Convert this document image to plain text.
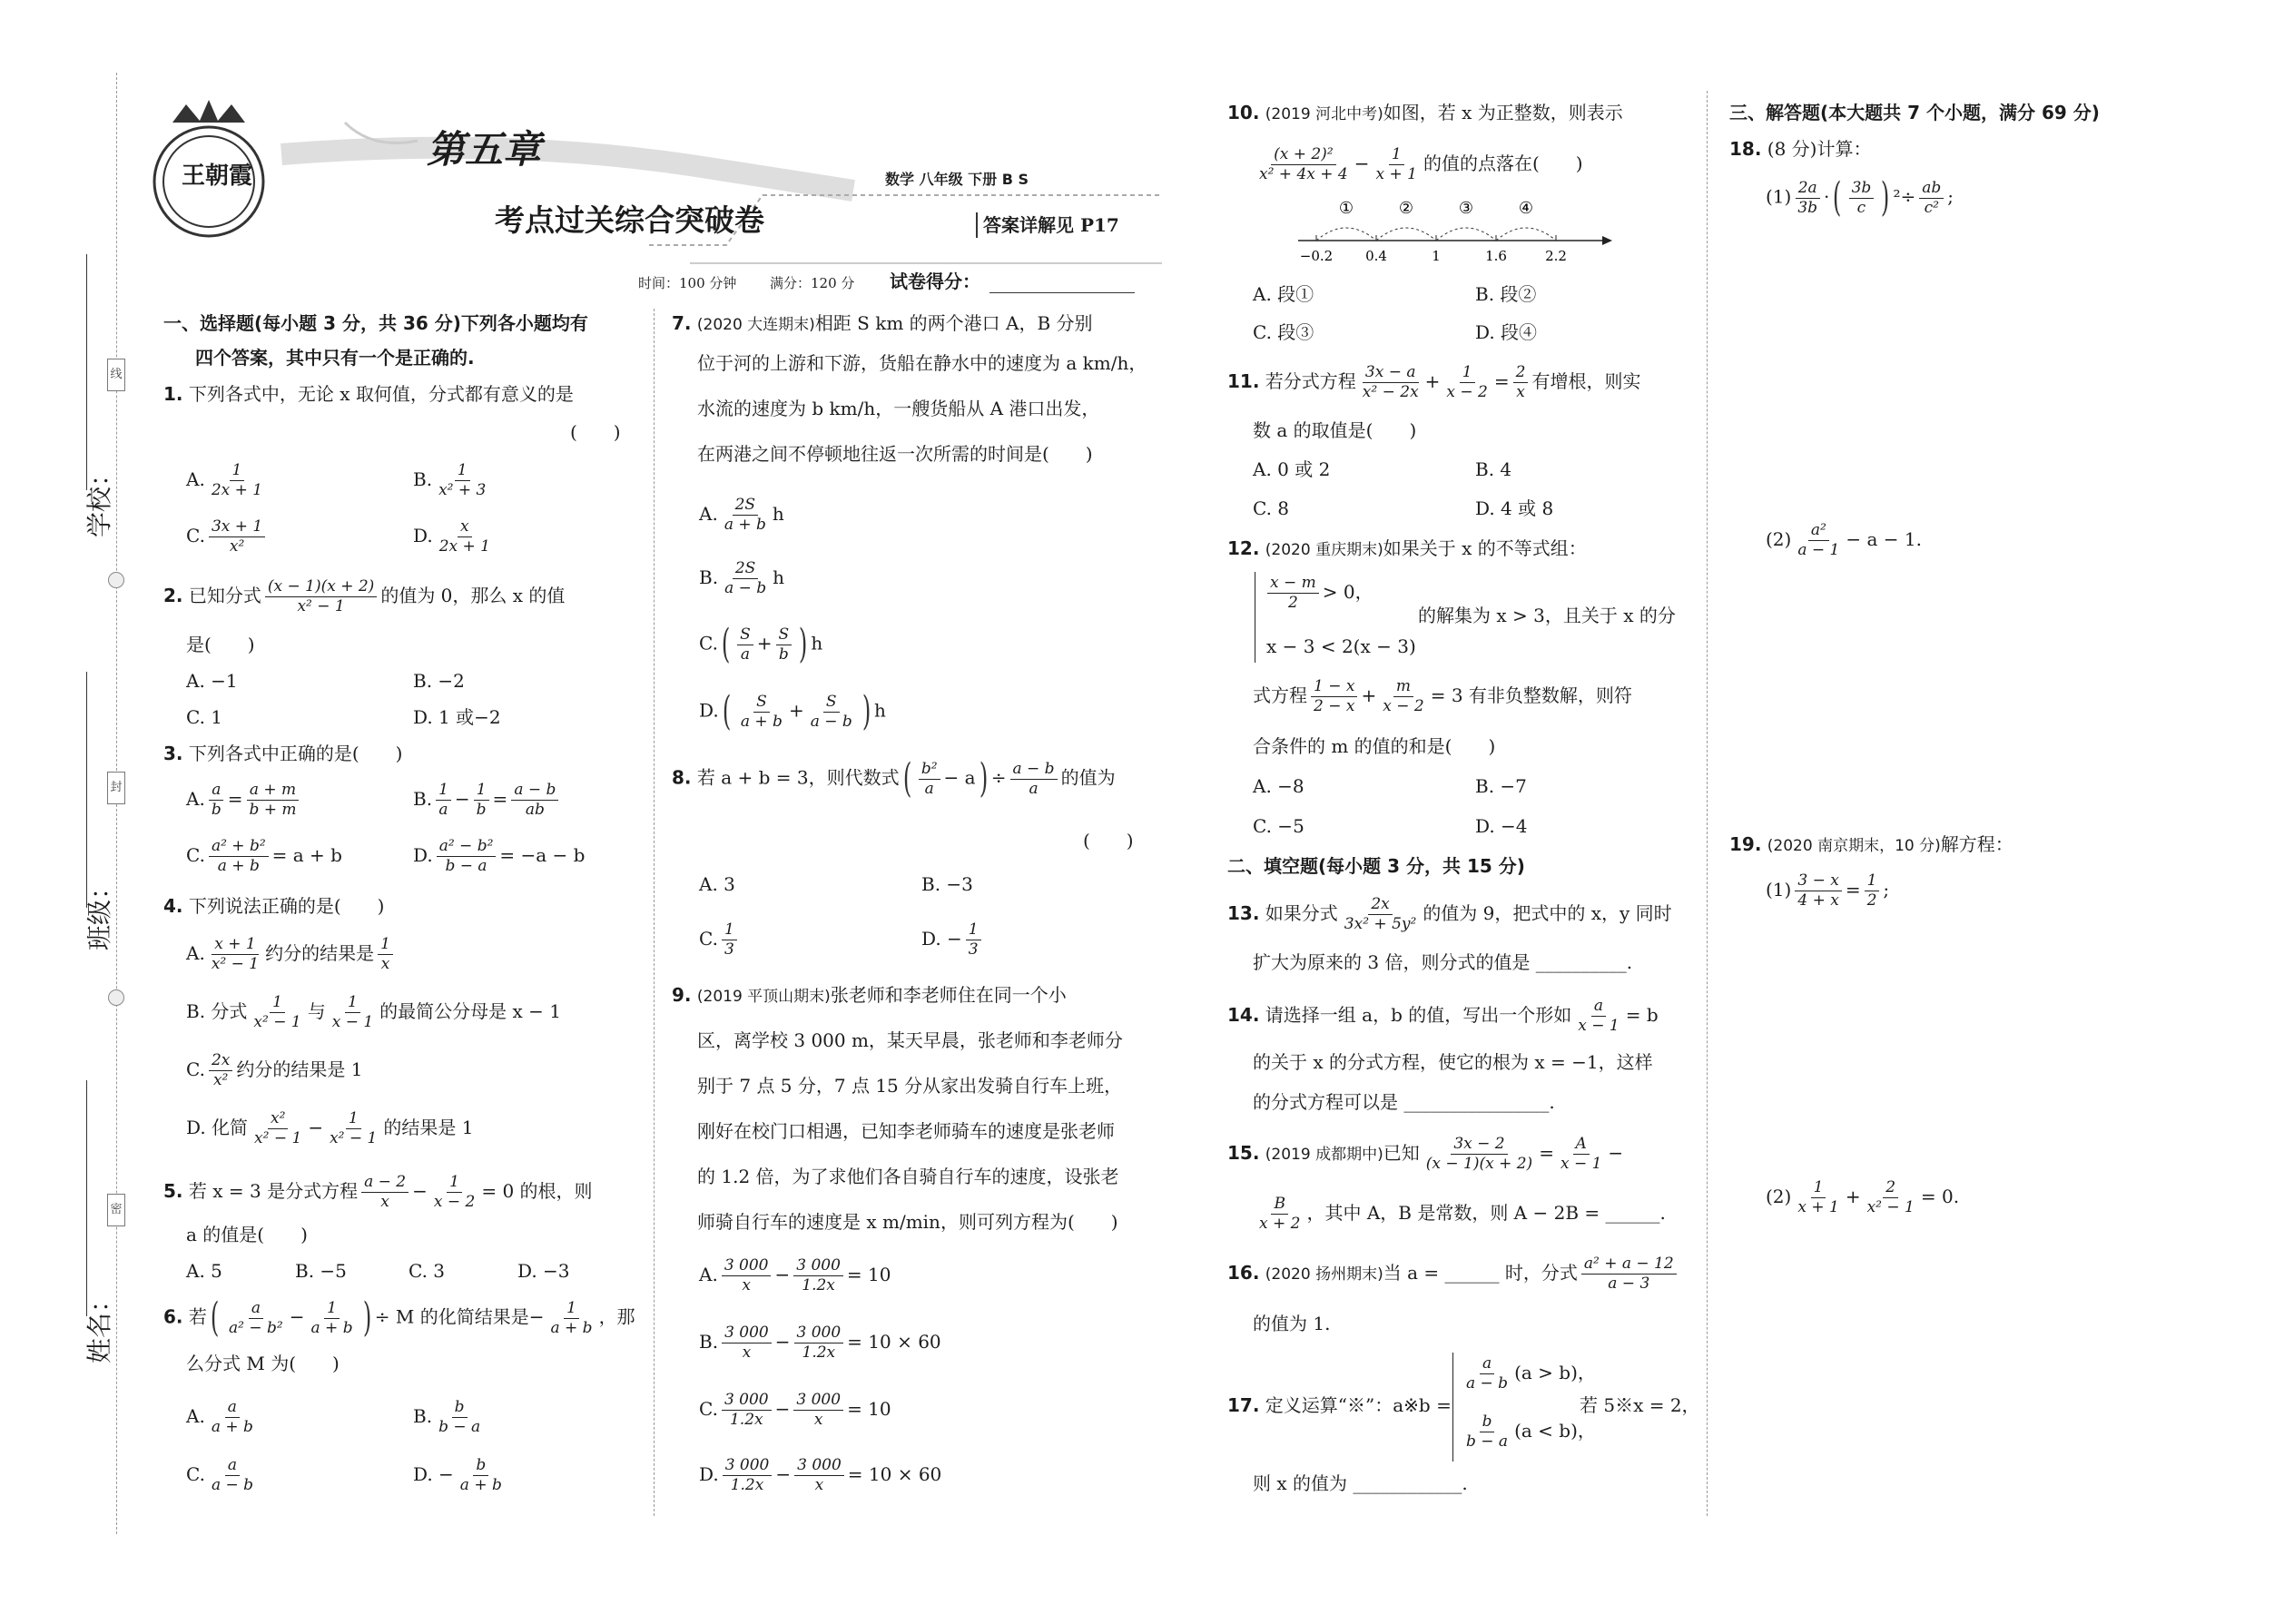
学校：
班级：
姓名：
线
封
密
王朝霞
第五章
考点过关综合突破卷
数学 八年级 下册 B S
答案详解见 P17
时间：100 分钟 满分：120 分 试卷得分：
一、选择题(每小题 3 分，共 36 分)下列各小题均有
四个答案，其中只有一个是正确的.
1. 下列各式中，无论 x 取何值，分式都有意义的是
(　　)
A. $\frac{1}{2x + 1}$	B. $\frac{1}{\text{x² + 3}}$
C. $\frac{3x + 1}{\text{x²}}$	D. $\frac{x}{2x + 1}$
2. 已知分式 $\frac{(x - 1)(x + 2)}{\text{x² − 1}}$ 的值为 0，那么 x 的值
是(　　)
A. −1	B. −2
C. 1	D. 1 或−2
3. 下列各式中正确的是(　　)
A. $\frac{a}{b} = \frac{a + m}{b + m}$	B. $\frac{1}{a} - \frac{1}{b} = \frac{a - b}{ab}$
C. $\frac{\text{a² + b²}}{a + b} = a + b$	D. $\frac{\text{a² − b²}}{b - a} = -a - b$
4. 下列说法正确的是(　　)
A. $\frac{x + 1}{\text{x² − 1}}$ 约分的结果是 $\frac{1}{x}$
B. 分式 $\frac{1}{\text{x² − 1}}$ 与 $\frac{1}{x - 1}$ 的最简公分母是 x − 1
C. $\frac{2x}{\text{x²}}$ 约分的结果是 1
D. 化简 $\frac{\text{x²}}{\text{x² − 1}} - \frac{1}{\text{x² − 1}}$ 的结果是 1
5. 若 x = 3 是分式方程 $\frac{a - 2}{x} - \frac{1}{x - 2} = 0$ 的根，则
a 的值是(　　)
A. 5	B. −5	C. 3	D. −3
6. 若( $\frac{a}{\text{a² − b²}} - \frac{1}{a + b}$ ) ÷ M 的化简结果是− $\frac{1}{a + b}$ ，那
么分式 M 为(　　)
A. $\frac{a}{a + b}$	B. $\frac{b}{b - a}$
C. $\frac{a}{a - b}$	D. − $\frac{b}{a + b}$
7. (2020 大连期末)相距 S km 的两个港口 A，B 分别
位于河的上游和下游，货船在静水中的速度为 a km/h，
水流的速度为 b km/h，一艘货船从 A 港口出发，
在两港之间不停顿地往返一次所需的时间是(　　)
A. $\frac{2S}{a + b}$ h
B. $\frac{2S}{a - b}$ h
$C.( \frac{S}{a} + \frac{S}{b}$ ) h
$D.( \frac{S}{a + b} + \frac{S}{a - b}$ ) h
8. 若 a + b = 3，则代数式( $\frac{\text{b²}}{a} - a) \div \frac{a - b}{a}$ 的值为
(　　)
A. 3	B. −3
C. $\frac{1}{3}$	D. − $\frac{1}{3}$
9. (2019 平顶山期末)张老师和李老师住在同一个小
区，离学校 3 000 m，某天早晨，张老师和李老师分
别于 7 点 5 分，7 点 15 分从家出发骑自行车上班，
刚好在校门口相遇，已知李老师骑车的速度是张老师
的 1.2 倍，为了求他们各自骑自行车的速度，设张老
师骑自行车的速度是 x m/min，则可列方程为(　　)
A. $\frac{3 000}{x} - \frac{3 000}{1.2x} = 10$
B. $\frac{3 000}{x} - \frac{3 000}{1.2x} = 10 \times 60$
C. $\frac{3 000}{1.2x} - \frac{3 000}{x} = 10$
D. $\frac{3 000}{1.2x} - \frac{3 000}{x} = 10 \times 60$
10. (2019 河北中考)如图，若 x 为正整数，则表示
$\frac{\text{(x + 2)²}}{\text{x² + 4x + 4}} - \frac{1}{x + 1}$ 的值的点落在(　　)
−0.2 0.4	1	1.6	2.2
①	②	③	④
A. 段①	B. 段②
C. 段③	D. 段④
11. 若分式方程 $\frac{3x - a}{\text{x² − 2x}} + \frac{1}{x - 2} = \frac{2}{x}$ 有增根，则实
数 a 的取值是(　　)
A. 0 或 2	B. 4
C. 8	D. 4 或 8
12. (2020 重庆期末)如果关于 x 的不等式组：
$\frac{x - m}{2} > 0$，
x − 3 < 2(x − 3)
的解集为 x > 3，且关于 x 的分
式方程 $\frac{1 - x}{2 - x} + \frac{m}{x - 2} = 3$ 有非负整数解，则符
合条件的 m 的值的和是(　　)
A. −8	B. −7
C. −5	D. −4
二、填空题(每小题 3 分，共 15 分)
13. 如果分式 $\frac{2x}{\text{3x² + 5y²}}$ 的值为 9，把式中的 x，y 同时
扩大为原来的 3 倍，则分式的值是 __________.
14. 请选择一组 a，b 的值，写出一个形如 $\frac{a}{x - 1} = b$
的关于 x 的分式方程，使它的根为 x = −1，这样
的分式方程可以是 ________________.
15. (2019 成都期中)已知 $\frac{3x - 2}{(x - 1)(x + 2)} = \frac{A}{x - 1}$ −
$\frac{B}{x + 2}$ ，其中 A，B 是常数，则 A − 2B = ______.
16. (2020 扬州期末)当 a = ______ 时，分式 $\frac{\text{a² + a − 12}}{a - 3}$
的值为 1.
17. 定义运算“※”：a※b =
$\frac{a}{a - b} (a > b)$，
$\frac{b}{b - a} (a < b)$，
若 5※x = 2，
则 x 的值为 ____________.
三、解答题(本大题共 7 个小题，满分 69 分)
18. (8 分)计算：
$(1) \frac{2a}{3b}$ ·( $\frac{3b}{c}$ ) $^2\div \frac{ab}{\text{c²}}$ ;
$(2) \frac{\text{a²}}{a - 1} - a - 1$.
19. (2020 南京期末，10 分)解方程：
$(1) \frac{3 - x}{4 + x} = \frac{1}{2}$ ;
$(2) \frac{1}{x + 1} + \frac{2}{\text{x² − 1}} = 0$.
